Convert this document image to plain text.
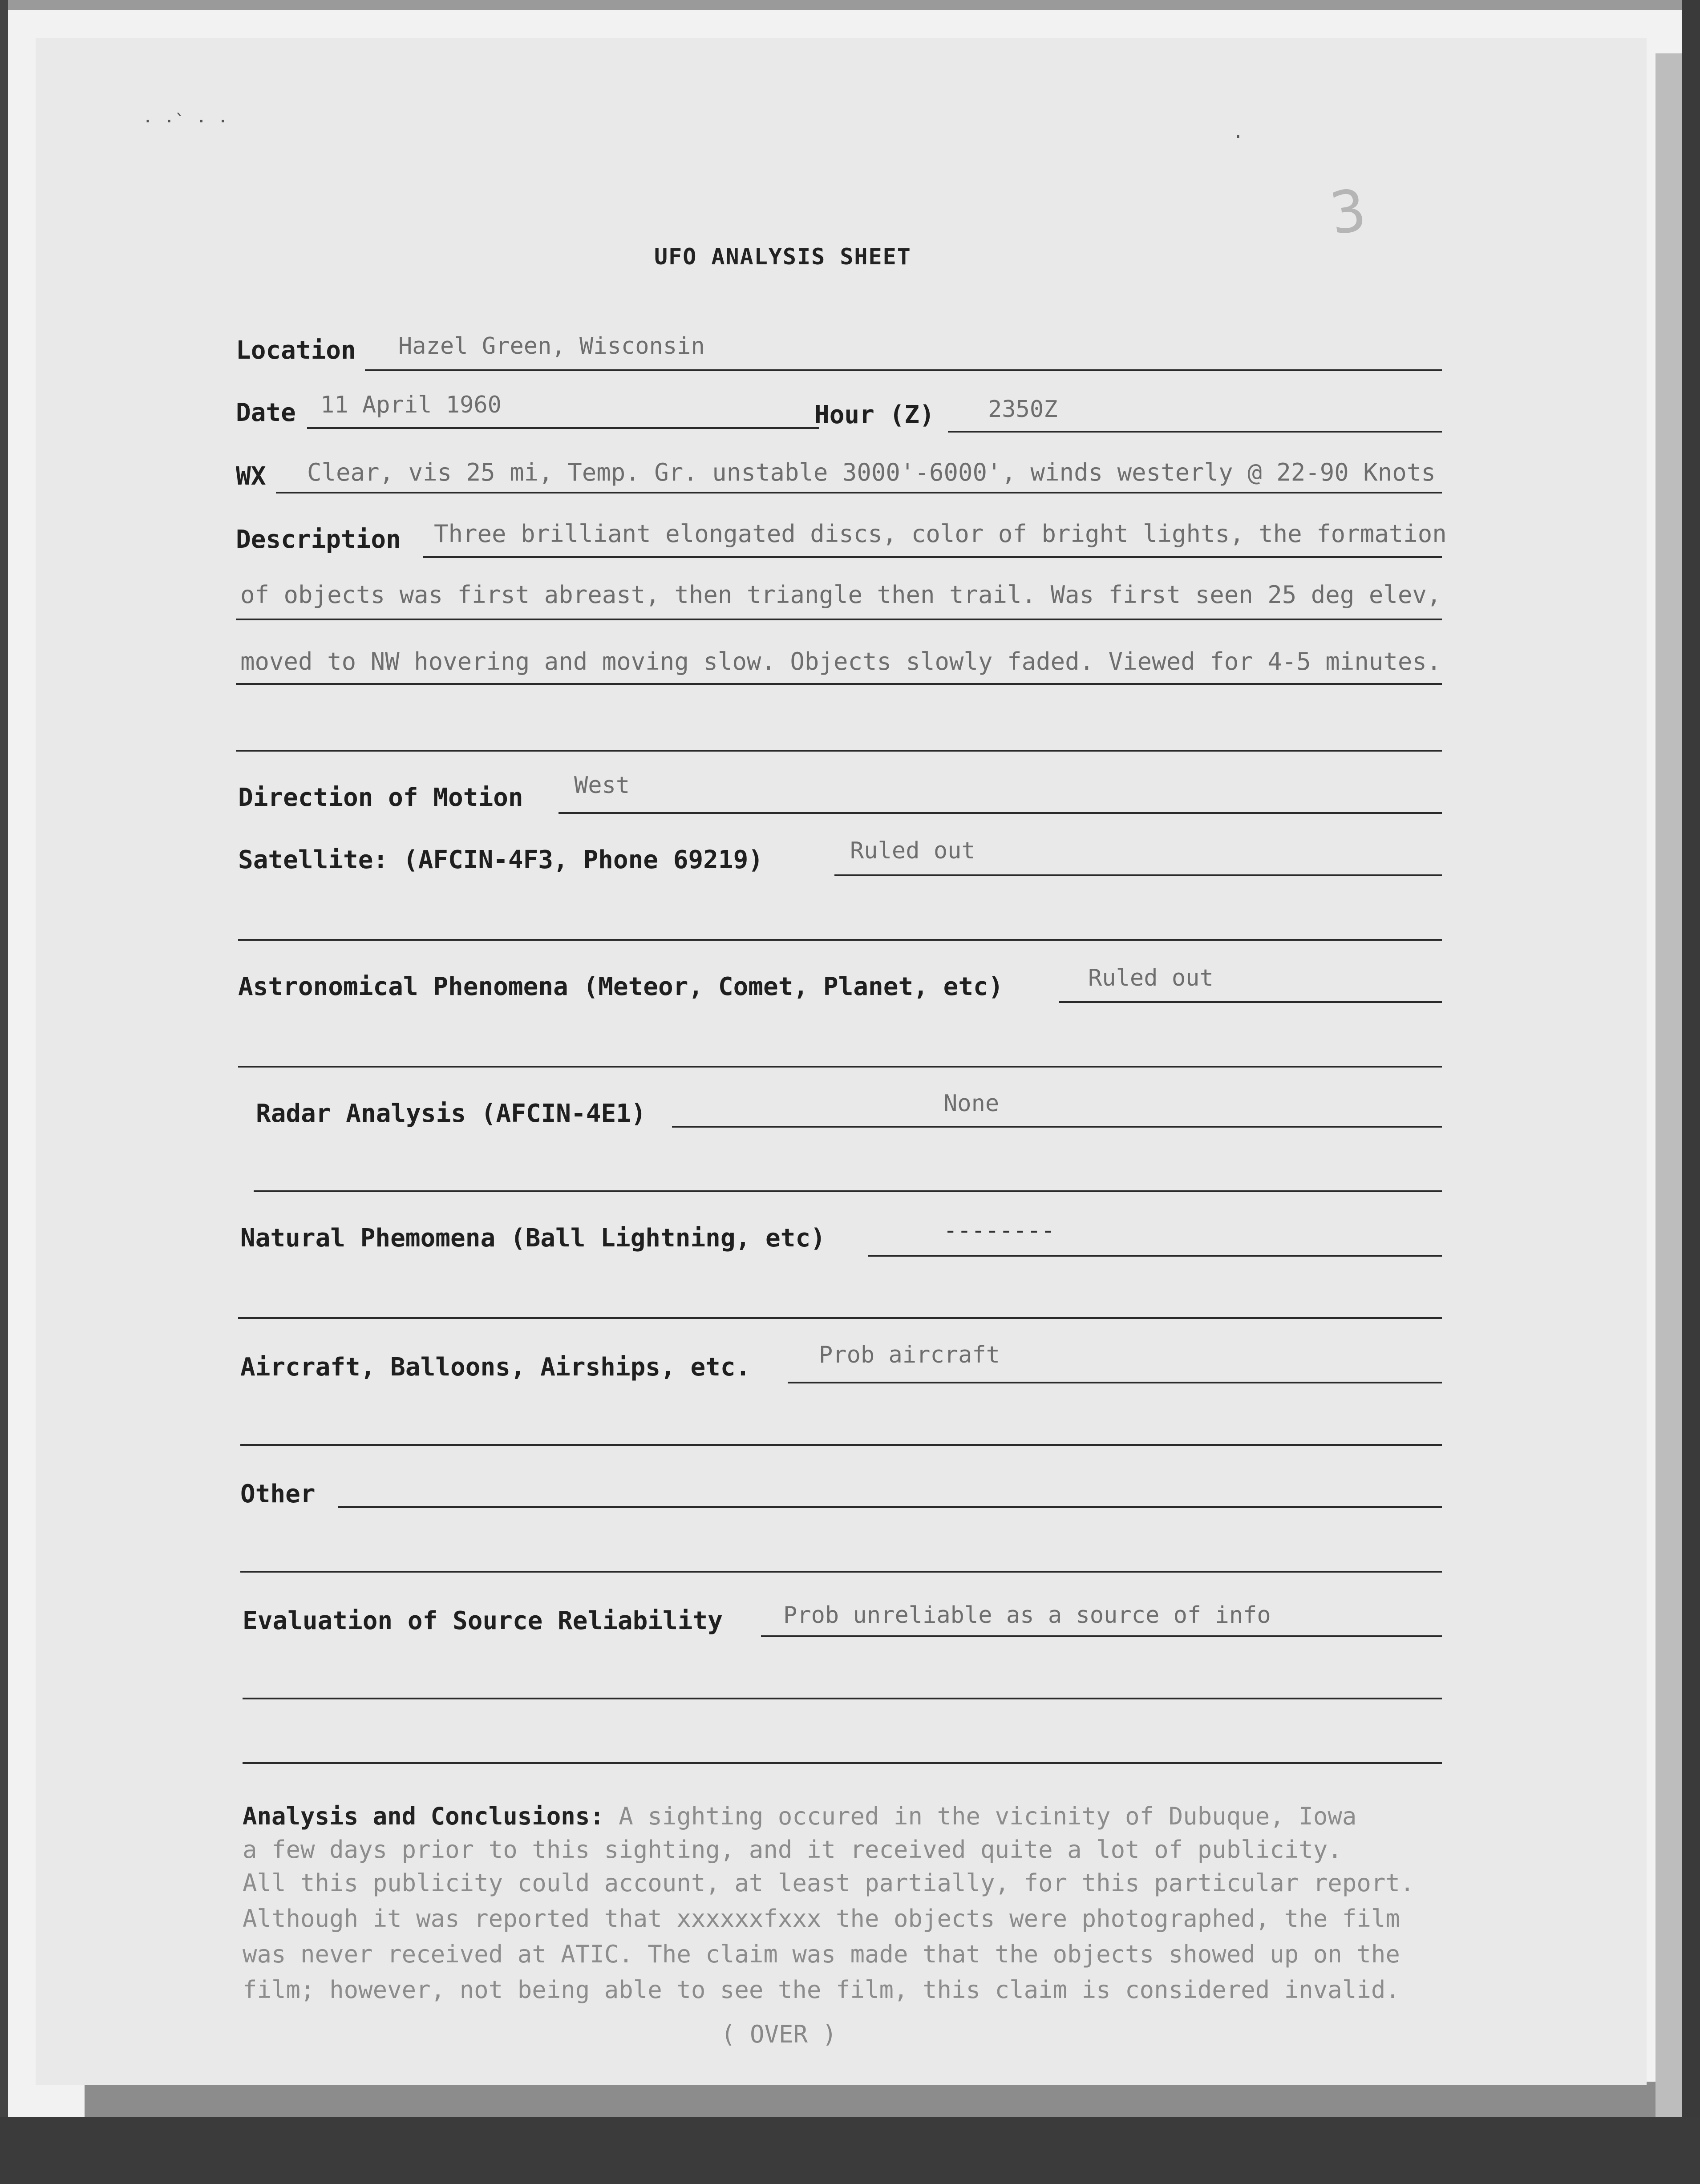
· ·` · ·
·
3
UFO ANALYSIS SHEET
Location Hazel Green, Wisconsin
Date 11 April 1960	Hour (Z) 2350Z
WX Clear, vis 25 mi, Temp. Gr. unstable 3000'-6000', winds westerly @ 22-90 Knots
Description Three brilliant elongated discs, color of bright lights, the formation
of objects was first abreast, then triangle then trail. Was first seen 25 deg elev,
moved to NW hovering and moving slow. Objects slowly faded. Viewed for 4-5 minutes.
Direction of Motion West
Satellite: (AFCIN-4F3, Phone 69219)	Ruled out
Astronomical Phenomena (Meteor, Comet, Planet, etc)	Ruled out
Radar Analysis (AFCIN-4E1)	None
Natural Phemomena (Ball Lightning, etc)	--------
Aircraft, Balloons, Airships, etc.	Prob aircraft
Other
Evaluation of Source Reliability	Prob unreliable as a source of info
Analysis and Conclusions: A sighting occured in the vicinity of Dubuque, Iowa
a few days prior to this sighting, and it received quite a lot of publicity.
All this publicity could account, at least partially, for this particular report.
Although it was reported that xxxxxxfxxx the objects were photographed, the film
was never received at ATIC. The claim was made that the objects showed up on the
film; however, not being able to see the film, this claim is considered invalid.
( OVER )
